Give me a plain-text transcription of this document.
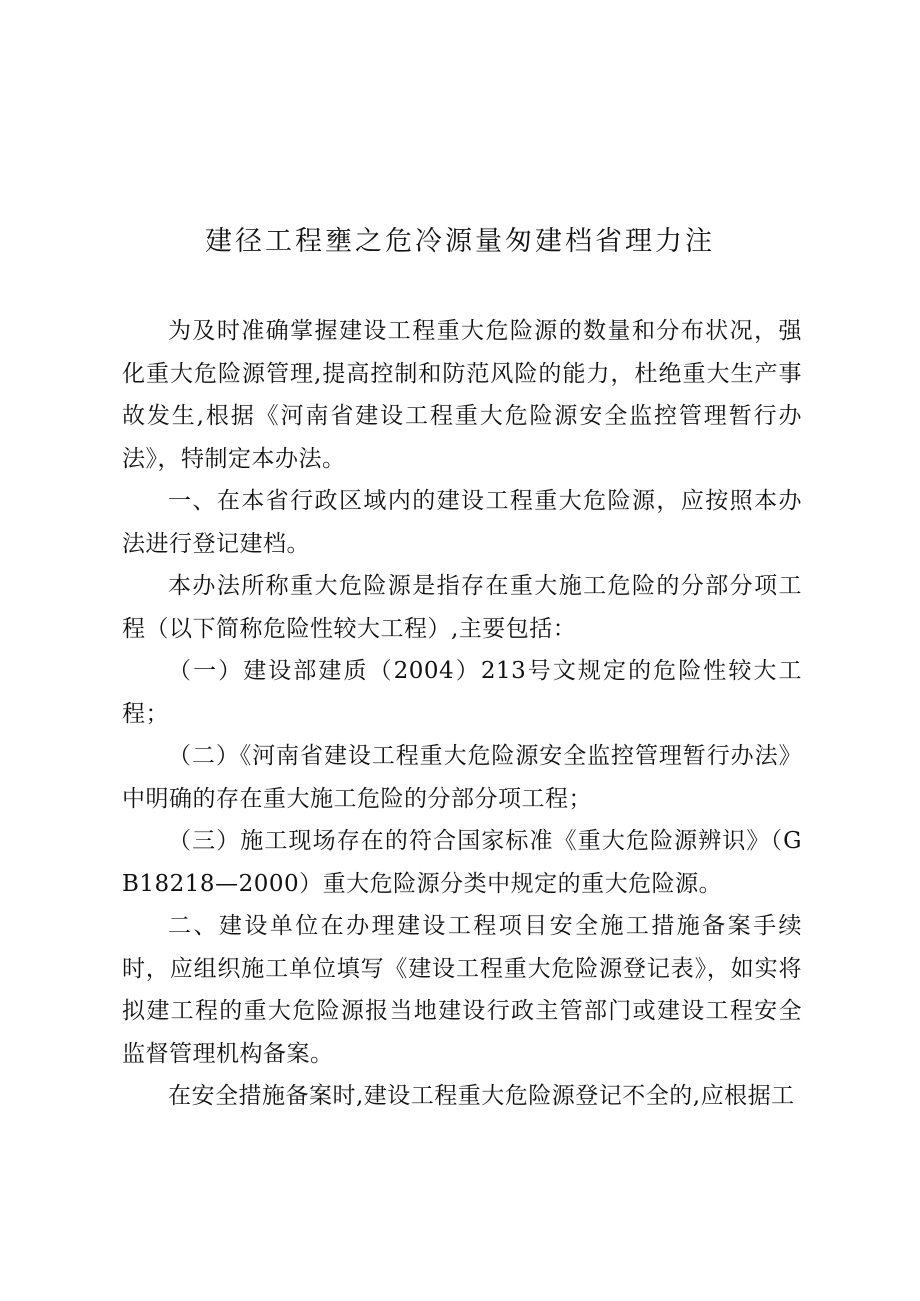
建径工程壅之危冷源量匆建档省理力注

为及时准确掌握建设工程重大危险源的数量和分布状况，强化重大危险源管理,提高控制和防范风险的能力，杜绝重大生产事故发生,根据《河南省建设工程重大危险源安全监控管理暂行办法》，特制定本办法。

一、在本省行政区域内的建设工程重大危险源，应按照本办法进行登记建档。

本办法所称重大危险源是指存在重大施工危险的分部分项工程（以下简称危险性较大工程）,主要包括：

（一）建设部建质（2004）213号文规定的危险性较大工程；

（二）《河南省建设工程重大危险源安全监控管理暂行办法》中明确的存在重大施工危险的分部分项工程；

（三）施工现场存在的符合国家标准《重大危险源辨识》（GB18218—2000）重大危险源分类中规定的重大危险源。

二、建设单位在办理建设工程项目安全施工措施备案手续时，应组织施工单位填写《建设工程重大危险源登记表》，如实将拟建工程的重大危险源报当地建设行政主管部门或建设工程安全监督管理机构备案。

在安全措施备案时,建设工程重大危险源登记不全的,应根据工
